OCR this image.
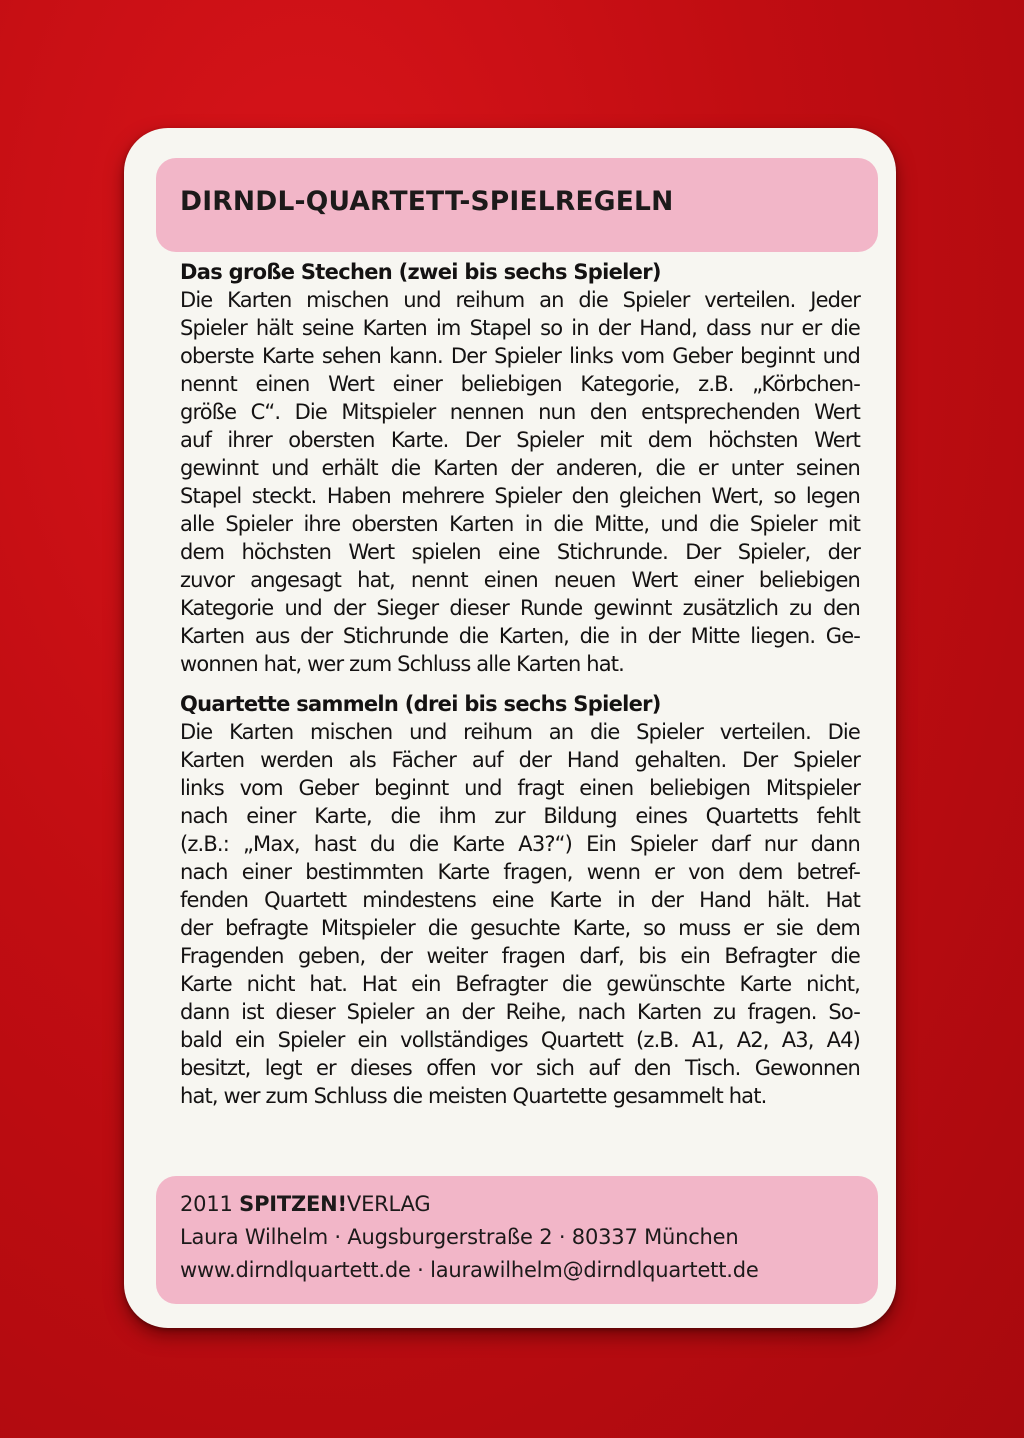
DIRNDL-QUARTETT-SPIELREGELN
Das große Stechen (zwei bis sechs Spieler)
Die Karten mischen und reihum an die Spieler verteilen. Jeder
Spieler hält seine Karten im Stapel so in der Hand, dass nur er die
oberste Karte sehen kann. Der Spieler links vom Geber beginnt und
nennt einen Wert einer beliebigen Kategorie, z.B. „Körbchen-
größe C“. Die Mitspieler nennen nun den entsprechenden Wert
auf ihrer obersten Karte. Der Spieler mit dem höchsten Wert
gewinnt und erhält die Karten der anderen, die er unter seinen
Stapel steckt. Haben mehrere Spieler den gleichen Wert, so legen
alle Spieler ihre obersten Karten in die Mitte, und die Spieler mit
dem höchsten Wert spielen eine Stichrunde. Der Spieler, der
zuvor angesagt hat, nennt einen neuen Wert einer beliebigen
Kategorie und der Sieger dieser Runde gewinnt zusätzlich zu den
Karten aus der Stichrunde die Karten, die in der Mitte liegen. Ge-
wonnen hat, wer zum Schluss alle Karten hat.
Quartette sammeln (drei bis sechs Spieler)
Die Karten mischen und reihum an die Spieler verteilen. Die
Karten werden als Fächer auf der Hand gehalten. Der Spieler
links vom Geber beginnt und fragt einen beliebigen Mitspieler
nach einer Karte, die ihm zur Bildung eines Quartetts fehlt
(z.B.: „Max, hast du die Karte A3?“) Ein Spieler darf nur dann
nach einer bestimmten Karte fragen, wenn er von dem betref-
fenden Quartett mindestens eine Karte in der Hand hält. Hat
der befragte Mitspieler die gesuchte Karte, so muss er sie dem
Fragenden geben, der weiter fragen darf, bis ein Befragter die
Karte nicht hat. Hat ein Befragter die gewünschte Karte nicht,
dann ist dieser Spieler an der Reihe, nach Karten zu fragen. So-
bald ein Spieler ein vollständiges Quartett (z.B. A1, A2, A3, A4)
besitzt, legt er dieses offen vor sich auf den Tisch. Gewonnen
hat, wer zum Schluss die meisten Quartette gesammelt hat.
2011 SPITZEN!VERLAG
Laura Wilhelm · Augsburgerstraße 2 · 80337 München
www.dirndlquartett.de · laurawilhelm@dirndlquartett.de
